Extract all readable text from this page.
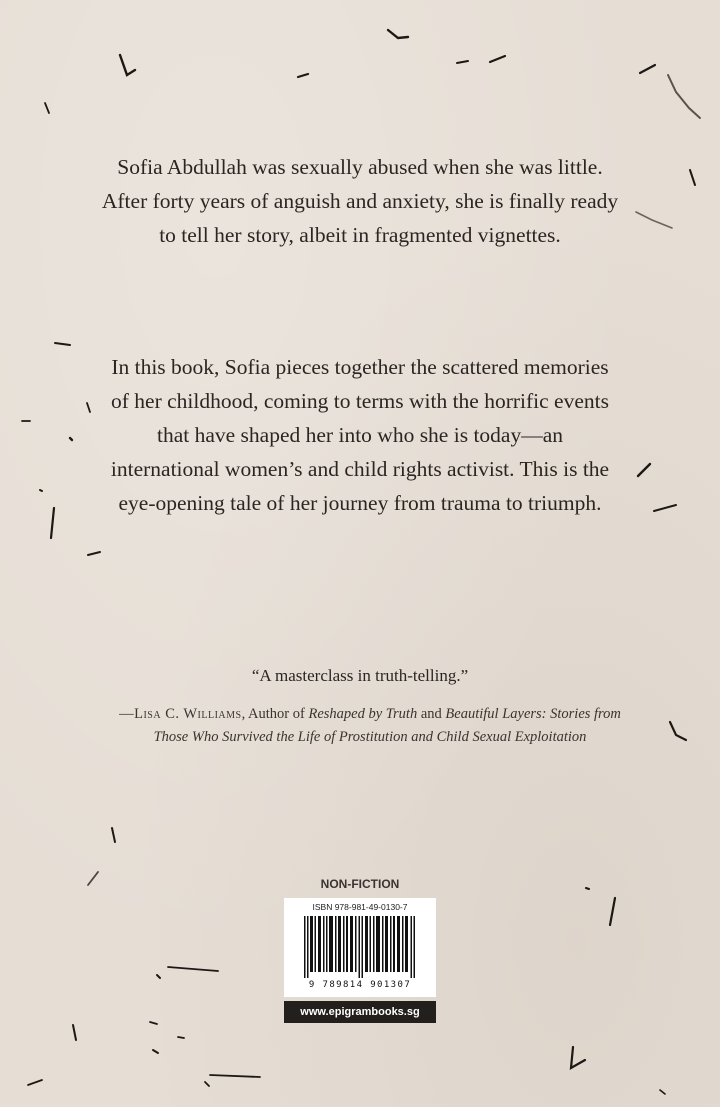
Sofia Abdullah was sexually abused when she was little. After forty years of anguish and anxiety, she is finally ready to tell her story, albeit in fragmented vignettes.

In this book, Sofia pieces together the scattered memories of her childhood, coming to terms with the horrific events that have shaped her into who she is today—an international women’s and child rights activist. This is the eye-opening tale of her journey from trauma to triumph.

“A masterclass in truth-telling.”

—Lisa C. Williams, Author of Reshaped by Truth and Beautiful Layers: Stories from Those Who Survived the Life of Prostitution and Child Sexual Exploitation

NON-FICTION
ISBN 978-981-49-0130-7
9 789814 901307
www.epigrambooks.sg
